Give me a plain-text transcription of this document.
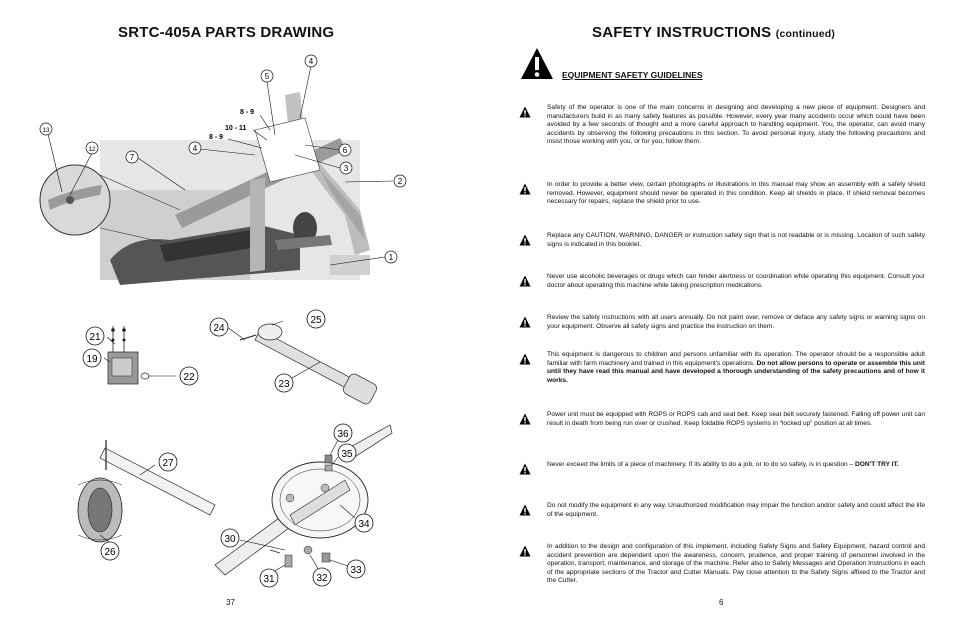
SRTC-405A PARTS DRAWING
5
4
6
3
2
1
7
4
12
13
8 - 9
10 - 11
8 - 9
21
19
22
24
25
23
27
26
36
35
34
30
31	32
33
37
SAFETY INSTRUCTIONS (continued)
EQUIPMENT SAFETY GUIDELINES
Safety of the operator is one of the main concerns in designing and developing a new piece of equipment. Designers and manufacturers build in as many safety features as possible. However, every year many accidents occur which could have been avoided by a few seconds of thought and a more careful approach to handling equipment. You, the operator, can avoid many accidents by observing the following precautions in this section. To avoid personal injury, study the following precautions and insist those working with you, or for you, follow them.
In order to provide a better view, certain photographs or illustrations in this manual may show an assembly with a safety shield removed. However, equipment should never be operated in this condition. Keep all shields in place. If shield removal becomes necessary for repairs, replace the shield prior to use.
Replace any CAUTION, WARNING, DANGER or instruction safety sign that is not readable or is missing. Location of such safety signs is indicated in this booklet.
Never use alcoholic beverages or drugs which can hinder alertness or coordination while operating this equipment. Consult your doctor about operating this machine while taking prescription medications.
Review the safety instructions with all users annually. Do not paint over, remove or deface any safety signs or warning signs on your equipment. Observe all safety signs and practice the instruction on them.
This equipment is dangerous to children and persons unfamiliar with its operation. The operator should be a responsible adult familiar with farm machinery and trained in this equipment's operations. Do not allow persons to operate or assemble this unit until they have read this manual and have developed a thorough understanding of the safety precautions and of how it works.
Power unit must be equipped with ROPS or ROPS cab and seat belt. Keep seat belt securely fastened. Falling off power unit can result in death from being run over or crushed. Keep foldable ROPS systems in “locked up” position at all times.
Never exceed the limits of a piece of machinery. If its ability to do a job, or to do so safely, is in question – DON'T TRY IT.
Do not modify the equipment in any way. Unauthorized modification may impair the function and/or safety and could affect the life of the equipment.
In addition to the design and configuration of this implement, including Safety Signs and Safety Equipment, hazard control and accident prevention are dependent upon the awareness, concern, prudence, and proper training of personnel involved in the operation, transport, maintenance, and storage of the machine. Refer also to Safety Messages and Operation Instructions in each of the appropriate sections of the Tractor and Cutter Manuals. Pay close attention to the Safety Signs affixed to the Tractor and the Cutter.
6
